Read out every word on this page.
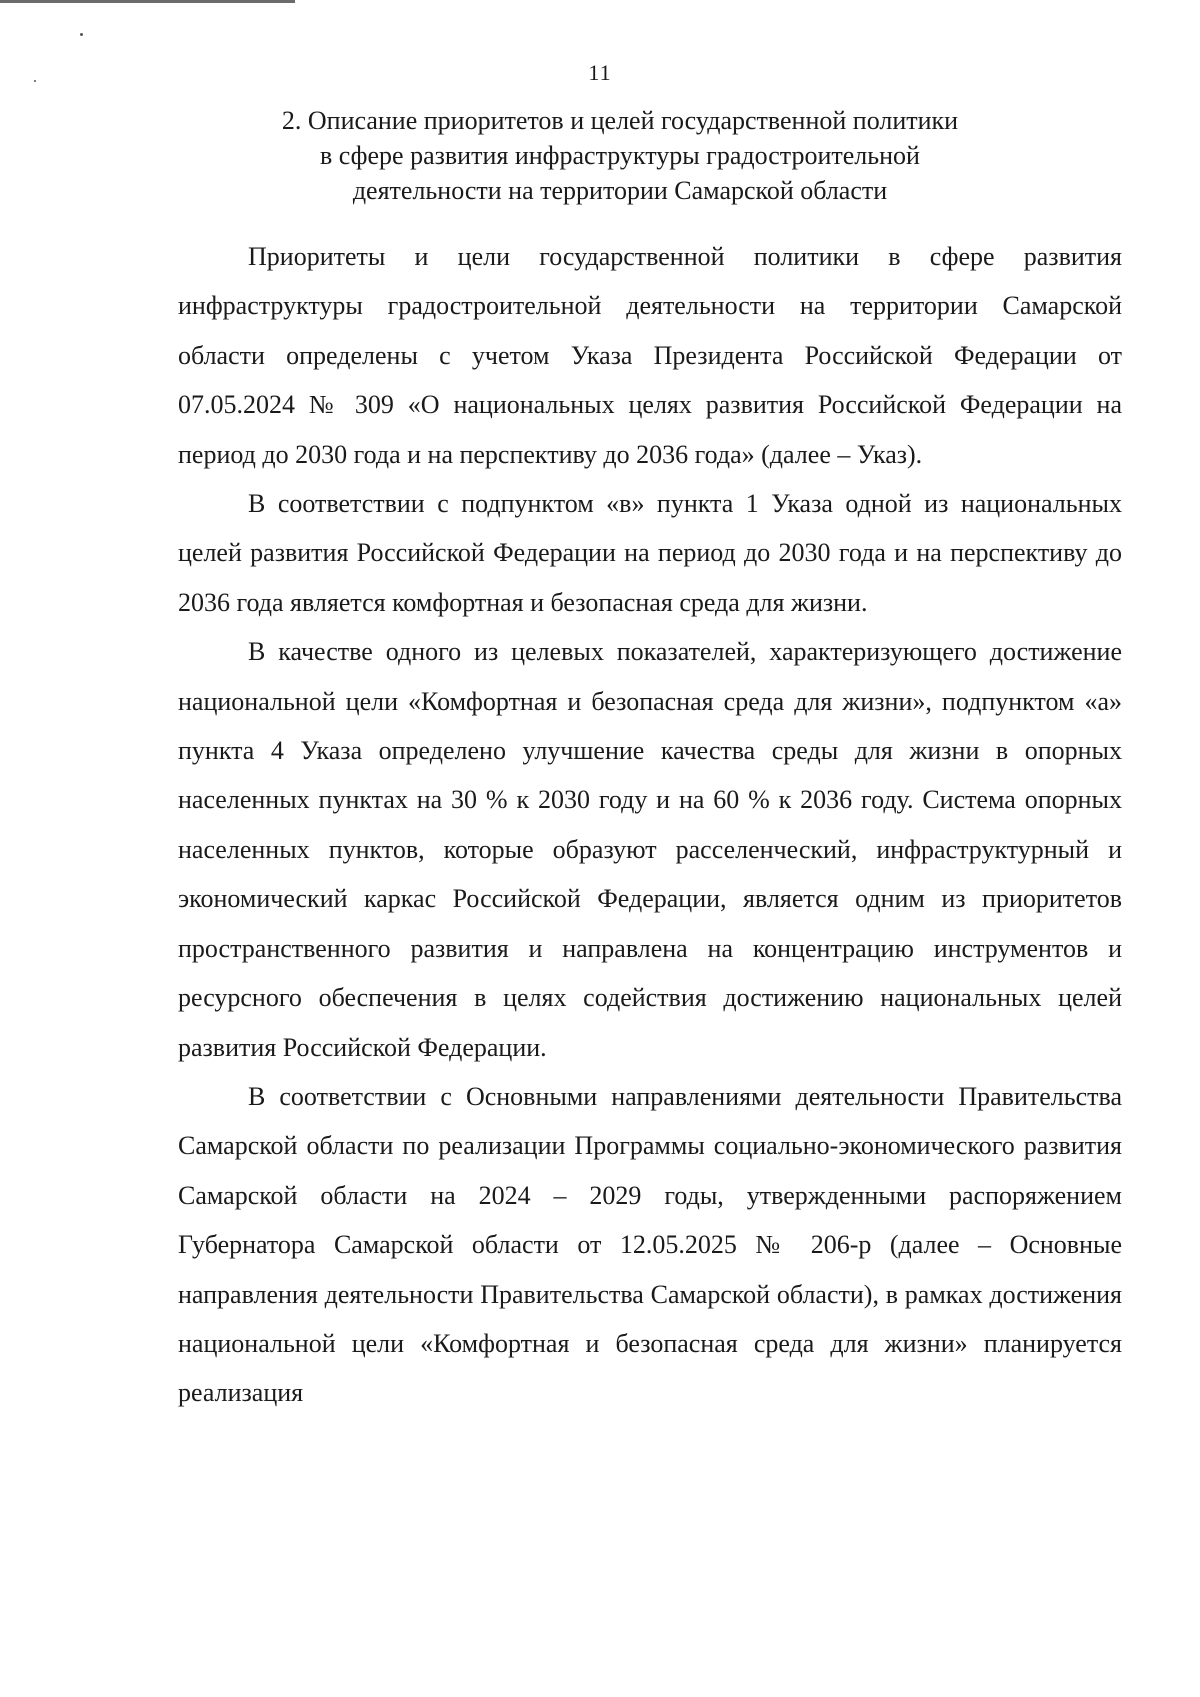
11
2. Описание приоритетов и целей государственной политики
в сфере развития инфраструктуры градостроительной
деятельности на территории Самарской области

Приоритеты и цели государственной политики в сфере развития инфраструктуры градостроительной деятельности на территории Самарской области определены с учетом Указа Президента Российской Федерации от 07.05.2024 № 309 «О национальных целях развития Российской Федерации на период до 2030 года и на перспективу до 2036 года» (далее – Указ).

В соответствии с подпунктом «в» пункта 1 Указа одной из национальных целей развития Российской Федерации на период до 2030 года и на перспективу до 2036 года является комфортная и безопасная среда для жизни.

В качестве одного из целевых показателей, характеризующего достижение национальной цели «Комфортная и безопасная среда для жизни», подпунктом «а» пункта 4 Указа определено улучшение качества среды для жизни в опорных населенных пунктах на 30 % к 2030 году и на 60 % к 2036 году. Система опорных населенных пунктов, которые образуют расселенческий, инфраструктурный и экономический каркас Российской Федерации, является одним из приоритетов пространственного развития и направлена на концентрацию инструментов и ресурсного обеспечения в целях содействия достижению национальных целей развития Российской Федерации.

В соответствии с Основными направлениями деятельности Правительства Самарской области по реализации Программы социально-экономического развития Самарской области на 2024 – 2029 годы, утвержденными распоряжением Губернатора Самарской области от 12.05.2025 № 206-р (далее – Основные направления деятельности Правительства Самарской области), в рамках достижения национальной цели «Комфортная и безопасная среда для жизни» планируется реализация
